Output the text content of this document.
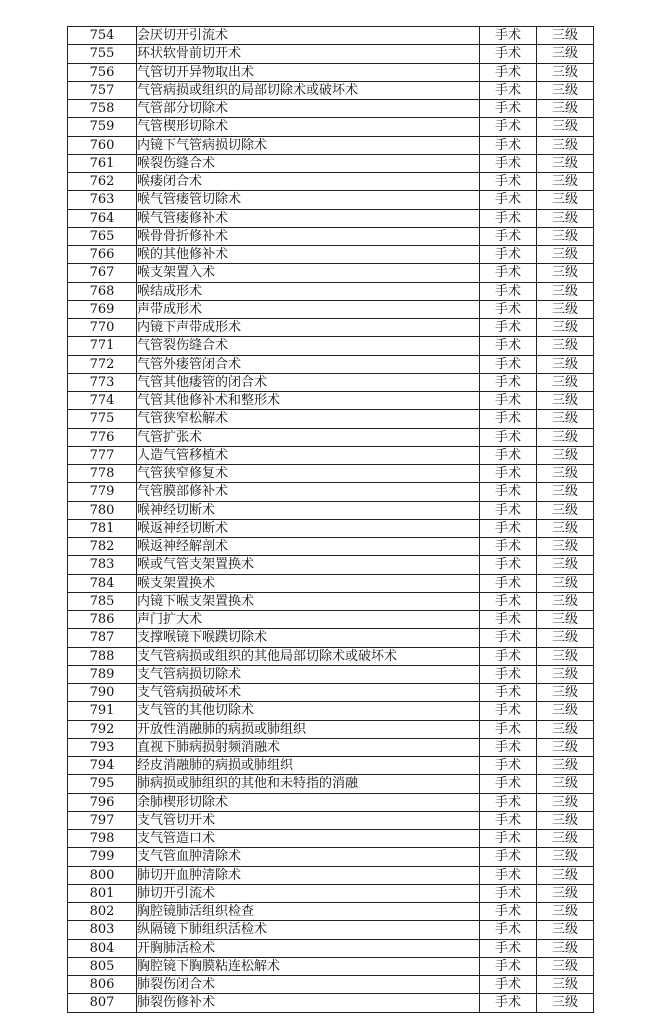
754	会厌切开引流术	手术	三级
755	环状软骨前切开术	手术	三级
756	气管切开异物取出术	手术	三级
757	气管病损或组织的局部切除术或破坏术	手术	三级
758	气管部分切除术	手术	三级
759	气管楔形切除术	手术	三级
760	内镜下气管病损切除术	手术	三级
761	喉裂伤缝合术	手术	三级
762	喉瘘闭合术	手术	三级
763	喉气管瘘管切除术	手术	三级
764	喉气管瘘修补术	手术	三级
765	喉骨骨折修补术	手术	三级
766	喉的其他修补术	手术	三级
767	喉支架置入术	手术	三级
768	喉结成形术	手术	三级
769	声带成形术	手术	三级
770	内镜下声带成形术	手术	三级
771	气管裂伤缝合术	手术	三级
772	气管外瘘管闭合术	手术	三级
773	气管其他瘘管的闭合术	手术	三级
774	气管其他修补术和整形术	手术	三级
775	气管狭窄松解术	手术	三级
776	气管扩张术	手术	三级
777	人造气管移植术	手术	三级
778	气管狭窄修复术	手术	三级
779	气管膜部修补术	手术	三级
780	喉神经切断术	手术	三级
781	喉返神经切断术	手术	三级
782	喉返神经解剖术	手术	三级
783	喉或气管支架置换术	手术	三级
784	喉支架置换术	手术	三级
785	内镜下喉支架置换术	手术	三级
786	声门扩大术	手术	三级
787	支撑喉镜下喉蹼切除术	手术	三级
788	支气管病损或组织的其他局部切除术或破坏术	手术	三级
789	支气管病损切除术	手术	三级
790	支气管病损破坏术	手术	三级
791	支气管的其他切除术	手术	三级
792	开放性消融肺的病损或肺组织	手术	三级
793	直视下肺病损射频消融术	手术	三级
794	经皮消融肺的病损或肺组织	手术	三级
795	肺病损或肺组织的其他和未特指的消融	手术	三级
796	余肺楔形切除术	手术	三级
797	支气管切开术	手术	三级
798	支气管造口术	手术	三级
799	支气管血肿清除术	手术	三级
800	肺切开血肿清除术	手术	三级
801	肺切开引流术	手术	三级
802	胸腔镜肺活组织检查	手术	三级
803	纵隔镜下肺组织活检术	手术	三级
804	开胸肺活检术	手术	三级
805	胸腔镜下胸膜粘连松解术	手术	三级
806	肺裂伤闭合术	手术	三级
807	肺裂伤修补术	手术	三级
